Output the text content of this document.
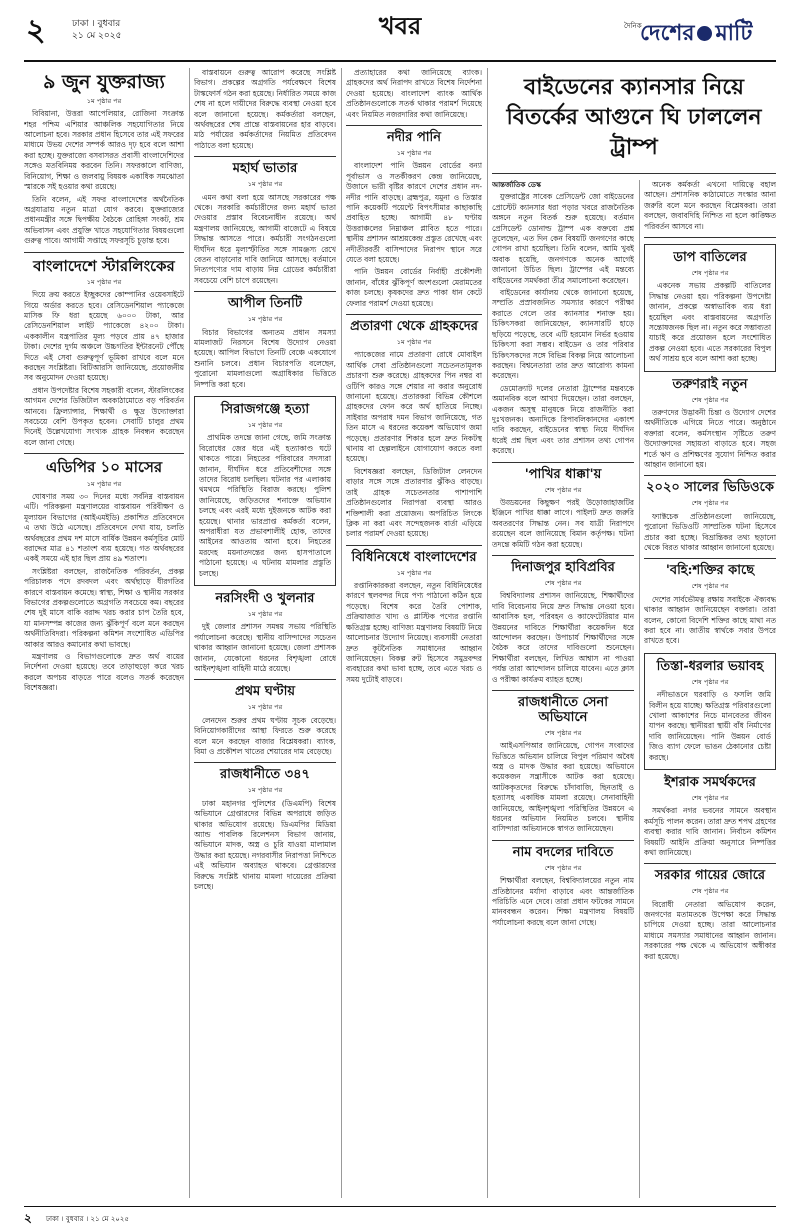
২	ঢাকা । বুধবার
২১ মে ২০২৫	খবর	দৈনিক
দেশের মাটি
৯ জুন যুক্তরাজ্য
১ম পৃষ্ঠার পর

বিবিয়ানা, উত্তরা আপেলিয়ার, রোজিনা সংক্রান্ত শহর পশ্চিম এশিয়ার আঞ্চলিক সহযোগিতার নিয়ে আলোচনা হবে। সরকার প্রধান হিসেবে তার এই সফরের মাধ্যমে উভয় দেশের সম্পর্ক আরও দৃঢ় হবে বলে আশা করা হচ্ছে। যুক্তরাজ্যে বসবাসরত প্রবাসী বাংলাদেশিদের সঙ্গেও মতবিনিময় করবেন তিনি। সফরকালে বাণিজ্য, বিনিয়োগ, শিক্ষা ও জলবায়ু বিষয়ক একাধিক সমঝোতা স্মারকে সই হওয়ার কথা রয়েছে।

তিনি বলেন, এই সফর বাংলাদেশের অর্থনৈতিক অগ্রযাত্রায় নতুন মাত্রা যোগ করবে। যুক্তরাজ্যের প্রধানমন্ত্রীর সঙ্গে দ্বিপক্ষীয় বৈঠকে রোহিঙ্গা সংকট, শ্রম অভিবাসন এবং প্রযুক্তি খাতে সহযোগিতার বিষয়গুলো গুরুত্ব পাবে। আগামী সপ্তাহে সফরসূচি চূড়ান্ত হবে।

বাংলাদেশে স্টারলিংকের
১ম পৃষ্ঠার পর

দিয়ে ক্রয় করতে ইচ্ছুকদের কোম্পানির ওয়েবসাইটে গিয়ে অর্ডার করতে হবে। রেসিডেনশিয়াল প্যাকেজে মাসিক ফি ধরা হয়েছে ৬০০০ টাকা, আর রেসিডেনশিয়াল লাইট প্যাকেজে ৪২০০ টাকা। এককালীন যন্ত্রপাতির মূল্য পড়বে প্রায় ৪৭ হাজার টাকা। দেশের দুর্গম অঞ্চলে উচ্চগতির ইন্টারনেট পৌঁছে দিতে এই সেবা গুরুত্বপূর্ণ ভূমিকা রাখবে বলে মনে করছেন সংশ্লিষ্টরা। বিটিআরসি জানিয়েছে, প্রয়োজনীয় সব অনুমোদন দেওয়া হয়েছে।

প্রধান উপদেষ্টার বিশেষ সহকারী বলেন, স্টারলিংকের আগমন দেশের ডিজিটাল অবকাঠামোতে বড় পরিবর্তন আনবে। ফ্রিল্যান্সার, শিক্ষার্থী ও ক্ষুদ্র উদ্যোক্তারা সবচেয়ে বেশি উপকৃত হবেন। সেবাটি চালুর প্রথম দিনেই উল্লেখযোগ্য সংখ্যক গ্রাহক নিবন্ধন করেছেন বলে জানা গেছে।

এডিপির ১০ মাসের
১ম পৃষ্ঠার পর

ঘোষণার সময় ৩০ দিনের মধ্যে সর্বনিম্ন বাস্তবায়ন এটি। পরিকল্পনা মন্ত্রণালয়ের বাস্তবায়ন পরিবীক্ষণ ও মূল্যায়ন বিভাগের (আইএমইডি) প্রকাশিত প্রতিবেদনে এ তথ্য উঠে এসেছে। প্রতিবেদনে দেখা যায়, চলতি অর্থবছরের প্রথম দশ মাসে বার্ষিক উন্নয়ন কর্মসূচির মোট বরাদ্দের মাত্র ৪১ শতাংশ ব্যয় হয়েছে। গত অর্থবছরের একই সময়ে এই হার ছিল প্রায় ৪৯ শতাংশ।

সংশ্লিষ্টরা বলছেন, রাজনৈতিক পরিবর্তন, প্রকল্প পরিচালক পদে রদবদল এবং অর্থছাড়ে ধীরগতির কারণে বাস্তবায়ন কমেছে। স্বাস্থ্য, শিক্ষা ও স্থানীয় সরকার বিভাগের প্রকল্পগুলোতে অগ্রগতি সবচেয়ে কম। বছরের শেষ দুই মাসে বাকি বরাদ্দ খরচ করার চাপ তৈরি হবে, যা মানসম্পন্ন কাজের জন্য ঝুঁকিপূর্ণ বলে মনে করছেন অর্থনীতিবিদরা। পরিকল্পনা কমিশন সংশোধিত এডিপির আকার আরও কমানোর কথা ভাবছে।

মন্ত্রণালয় ও বিভাগগুলোকে দ্রুত অর্থ ব্যয়ের নির্দেশনা দেওয়া হয়েছে। তবে তাড়াহুড়ো করে খরচ করলে অপচয় বাড়তে পারে বলেও সতর্ক করেছেন বিশেষজ্ঞরা।

বাস্তবায়নে গুরুত্ব আরোপ করেছে সংশ্লিষ্ট বিভাগ। প্রকল্পের অগ্রগতি পর্যবেক্ষণে বিশেষ টাস্কফোর্স গঠন করা হয়েছে। নির্ধারিত সময়ে কাজ শেষ না হলে দায়ীদের বিরুদ্ধে ব্যবস্থা নেওয়া হবে বলে জানানো হয়েছে। কর্মকর্তারা বলছেন, অর্থবছরের শেষ প্রান্তে বাস্তবায়নের হার বাড়বে। মাঠ পর্যায়ের কর্মকর্তাদের নিয়মিত প্রতিবেদন পাঠাতে বলা হয়েছে।

মহার্ঘ ভাতার
১ম পৃষ্ঠার পর

এমন কথা বলা হয়ে আসছে সরকারের পক্ষ থেকে। সরকারি কর্মচারীদের জন্য মহার্ঘ ভাতা দেওয়ার প্রস্তাব বিবেচনাধীন রয়েছে। অর্থ মন্ত্রণালয় জানিয়েছে, আগামী বাজেটে এ বিষয়ে সিদ্ধান্ত আসতে পারে। কর্মচারী সংগঠনগুলো দীর্ঘদিন ধরে মূল্যস্ফীতির সঙ্গে সামঞ্জস্য রেখে বেতন বাড়ানোর দাবি জানিয়ে আসছে। বর্তমানে নিত্যপণ্যের দাম বাড়ায় নিম্ন গ্রেডের কর্মচারীরা সবচেয়ে বেশি চাপে রয়েছেন।

আপীল তিনটি
১ম পৃষ্ঠার পর

বিচার বিভাগের অন্যতম প্রধান সমস্যা মামলাজট নিরসনে বিশেষ উদ্যোগ নেওয়া হয়েছে। আপিল বিভাগে তিনটি বেঞ্চে একযোগে শুনানি চলবে। প্রধান বিচারপতি বলেছেন, পুরোনো মামলাগুলো অগ্রাধিকার ভিত্তিতে নিষ্পত্তি করা হবে।

সিরাজগঞ্জে হত্যা
১ম পৃষ্ঠার পর

প্রাথমিক তদন্তে জানা গেছে, জমি সংক্রান্ত বিরোধের জের ধরে এই হত্যাকাণ্ড ঘটে থাকতে পারে। নিহতের পরিবারের সদস্যরা জানান, দীর্ঘদিন ধরে প্রতিবেশীদের সঙ্গে তাদের বিরোধ চলছিল। ঘটনার পর এলাকায় থমথমে পরিস্থিতি বিরাজ করছে। পুলিশ জানিয়েছে, জড়িতদের শনাক্তে অভিযান চলছে এবং এরই মধ্যে দুইজনকে আটক করা হয়েছে। থানার ভারপ্রাপ্ত কর্মকর্তা বলেন, অপরাধীরা যত প্রভাবশালীই হোক, তাদের আইনের আওতায় আনা হবে। নিহতের মরদেহ ময়নাতদন্তের জন্য হাসপাতালে পাঠানো হয়েছে। এ ঘটনায় মামলার প্রস্তুতি চলছে।

নরসিংদী ও খুলনার
১ম পৃষ্ঠার পর

দুই জেলার প্রশাসন সমন্বয় সভায় পরিস্থিতি পর্যালোচনা করেছে। স্থানীয় বাসিন্দাদের সচেতন থাকার আহ্বান জানানো হয়েছে। জেলা প্রশাসক জানান, যেকোনো ধরনের বিশৃঙ্খলা রোধে আইনশৃঙ্খলা বাহিনী মাঠে রয়েছে।

প্রথম ঘণ্টায়
১ম পৃষ্ঠার পর

লেনদেন শুরুর প্রথম ঘণ্টায় সূচক বেড়েছে। বিনিয়োগকারীদের আস্থা ফিরতে শুরু করেছে বলে মনে করছেন বাজার বিশ্লেষকরা। ব্যাংক, বিমা ও প্রকৌশল খাতের শেয়ারের দাম বেড়েছে।

রাজধানীতে ৩৪৭
১ম পৃষ্ঠার পর

ঢাকা মহানগর পুলিশের (ডিএমপি) বিশেষ অভিযানে গ্রেপ্তারদের বিভিন্ন অপরাধে জড়িত থাকার অভিযোগ রয়েছে। ডিএমপির মিডিয়া অ্যান্ড পাবলিক রিলেশনস বিভাগ জানায়, অভিযানে মাদক, অস্ত্র ও চুরি যাওয়া মালামাল উদ্ধার করা হয়েছে। নগরবাসীর নিরাপত্তা নিশ্চিতে এই অভিযান অব্যাহত থাকবে। গ্রেপ্তারদের বিরুদ্ধে সংশ্লিষ্ট থানায় মামলা দায়েরের প্রক্রিয়া চলছে।

প্রত্যাহারের কথা জানিয়েছে ব্যাংক। গ্রাহকদের অর্থ নিরাপদ রাখতে বিশেষ নির্দেশনা দেওয়া হয়েছে। বাংলাদেশ ব্যাংক আর্থিক প্রতিষ্ঠানগুলোকে সতর্ক থাকার পরামর্শ দিয়েছে এবং নিয়মিত নজরদারির কথা জানিয়েছে।

নদীর পানি
১ম পৃষ্ঠার পর

বাংলাদেশ পানি উন্নয়ন বোর্ডের বন্যা পূর্বাভাস ও সতর্কীকরণ কেন্দ্র জানিয়েছে, উজানে ভারী বৃষ্টির কারণে দেশের প্রধান নদ-নদীর পানি বাড়ছে। ব্রহ্মপুত্র, যমুনা ও তিস্তার পানি কয়েকটি পয়েন্টে বিপৎসীমার কাছাকাছি প্রবাহিত হচ্ছে। আগামী ৪৮ ঘণ্টায় উত্তরাঞ্চলের নিম্নাঞ্চল প্লাবিত হতে পারে। স্থানীয় প্রশাসন আশ্রয়কেন্দ্র প্রস্তুত রেখেছে এবং নদীতীরবর্তী বাসিন্দাদের নিরাপদ স্থানে সরে যেতে বলা হয়েছে।

পানি উন্নয়ন বোর্ডের নির্বাহী প্রকৌশলী জানান, বাঁধের ঝুঁকিপূর্ণ অংশগুলো মেরামতের কাজ চলছে। কৃষকদের দ্রুত পাকা ধান কেটে ফেলার পরামর্শ দেওয়া হয়েছে।

প্রতারণা থেকে গ্রাহকদের
১ম পৃষ্ঠার পর

প্যাকেজের নামে প্রতারণা রোধে মোবাইল আর্থিক সেবা প্রতিষ্ঠানগুলো সচেতনতামূলক প্রচারণা শুরু করেছে। গ্রাহকদের পিন নম্বর বা ওটিপি কারও সঙ্গে শেয়ার না করার অনুরোধ জানানো হয়েছে। প্রতারকরা বিভিন্ন কৌশলে গ্রাহকদের ফোন করে অর্থ হাতিয়ে নিচ্ছে। সাইবার অপরাধ দমন বিভাগ জানিয়েছে, গত তিন মাসে এ ধরনের কয়েকশ অভিযোগ জমা পড়েছে। প্রতারণার শিকার হলে দ্রুত নিকটস্থ থানায় বা হেল্পলাইনে যোগাযোগ করতে বলা হয়েছে।

বিশেষজ্ঞরা বলছেন, ডিজিটাল লেনদেন বাড়ার সঙ্গে সঙ্গে প্রতারণার ঝুঁকিও বাড়ছে। তাই গ্রাহক সচেতনতার পাশাপাশি প্রতিষ্ঠানগুলোর নিরাপত্তা ব্যবস্থা আরও শক্তিশালী করা প্রয়োজন। অপরিচিত লিংকে ক্লিক না করা এবং সন্দেহজনক বার্তা এড়িয়ে চলার পরামর্শ দেওয়া হয়েছে।

বিধিনিষেধে বাংলাদেশের
১ম পৃষ্ঠার পর

রপ্তানিকারকরা বলছেন, নতুন বিধিনিষেধের কারণে স্থলবন্দর দিয়ে পণ্য পাঠানো কঠিন হয়ে পড়েছে। বিশেষ করে তৈরি পোশাক, প্রক্রিয়াজাত খাদ্য ও প্লাস্টিক পণ্যের রপ্তানি ক্ষতিগ্রস্ত হচ্ছে। বাণিজ্য মন্ত্রণালয় বিষয়টি নিয়ে আলোচনার উদ্যোগ নিয়েছে। ব্যবসায়ী নেতারা দ্রুত কূটনৈতিক সমাধানের আহ্বান জানিয়েছেন। বিকল্প রুট হিসেবে সমুদ্রবন্দর ব্যবহারের কথা ভাবা হচ্ছে, তবে এতে খরচ ও সময় দুটোই বাড়বে।

বাইডেনের ক্যানসার নিয়ে বিতর্কের আগুনে ঘি ঢাললেন ট্রাম্প
আন্তর্জাতিক ডেস্ক

যুক্তরাষ্ট্রের সাবেক প্রেসিডেন্ট জো বাইডেনের প্রোস্টেট ক্যানসার ধরা পড়ার খবরে রাজনৈতিক অঙ্গনে নতুন বিতর্ক শুরু হয়েছে। বর্তমান প্রেসিডেন্ট ডোনাল্ড ট্রাম্প এক বক্তব্যে প্রশ্ন তুলেছেন, এত দিন কেন বিষয়টি জনগণের কাছে গোপন রাখা হয়েছিল। তিনি বলেন, আমি খুবই অবাক হয়েছি, জনগণকে অনেক আগেই জানানো উচিত ছিল। ট্রাম্পের এই মন্তব্যে বাইডেনের সমর্থকরা তীব্র সমালোচনা করেছেন।

বাইডেনের কার্যালয় থেকে জানানো হয়েছে, সম্প্রতি প্রস্রাবজনিত সমস্যার কারণে পরীক্ষা করাতে গেলে তার ক্যানসার শনাক্ত হয়। চিকিৎসকরা জানিয়েছেন, ক্যানসারটি হাড়ে ছড়িয়ে পড়েছে, তবে এটি হরমোন নির্ভর হওয়ায় চিকিৎসা করা সম্ভব। বাইডেন ও তার পরিবার চিকিৎসকদের সঙ্গে বিভিন্ন বিকল্প নিয়ে আলোচনা করছেন। বিশ্বনেতারা তার দ্রুত আরোগ্য কামনা করেছেন।

ডেমোক্র্যাট দলের নেতারা ট্রাম্পের মন্তব্যকে অমানবিক বলে আখ্যা দিয়েছেন। তারা বলছেন, একজন অসুস্থ মানুষকে নিয়ে রাজনীতি করা দুঃখজনক। অন্যদিকে রিপাবলিকানদের একাংশ দাবি করছেন, বাইডেনের স্বাস্থ্য নিয়ে দীর্ঘদিন ধরেই প্রশ্ন ছিল এবং তার প্রশাসন তথ্য গোপন করেছে।

'পাখির ধাক্কা'য়
শেষ পৃষ্ঠার পর

উড্ডয়নের কিছুক্ষণ পরই উড়োজাহাজটির ইঞ্জিনে পাখির ধাক্কা লাগে। পাইলট দ্রুত জরুরি অবতরণের সিদ্ধান্ত নেন। সব যাত্রী নিরাপদে রয়েছেন বলে জানিয়েছে বিমান কর্তৃপক্ষ। ঘটনা তদন্তে কমিটি গঠন করা হয়েছে।

দিনাজপুর হাবিপ্রবির
শেষ পৃষ্ঠার পর

বিশ্ববিদ্যালয় প্রশাসন জানিয়েছে, শিক্ষার্থীদের দাবি বিবেচনায় নিয়ে দ্রুত সিদ্ধান্ত নেওয়া হবে। আবাসিক হল, পরিবহন ও ক্যাফেটেরিয়ার মান উন্নয়নের দাবিতে শিক্ষার্থীরা কয়েকদিন ধরে আন্দোলন করছেন। উপাচার্য শিক্ষার্থীদের সঙ্গে বৈঠক করে তাদের দাবিগুলো শুনেছেন। শিক্ষার্থীরা বলছেন, লিখিত আশ্বাস না পাওয়া পর্যন্ত তারা আন্দোলন চালিয়ে যাবেন। এতে ক্লাস ও পরীক্ষা কার্যক্রম ব্যাহত হচ্ছে।

রাজধানীতে সেনা অভিযানে
শেষ পৃষ্ঠার পর

আইএসপিআর জানিয়েছে, গোপন সংবাদের ভিত্তিতে অভিযান চালিয়ে বিপুল পরিমাণ অবৈধ অস্ত্র ও মাদক উদ্ধার করা হয়েছে। অভিযানে কয়েকজন সন্ত্রাসীকে আটক করা হয়েছে। আটককৃতদের বিরুদ্ধে চাঁদাবাজি, ছিনতাই ও হত্যাসহ একাধিক মামলা রয়েছে। সেনাবাহিনী জানিয়েছে, আইনশৃঙ্খলা পরিস্থিতির উন্নয়নে এ ধরনের অভিযান নিয়মিত চলবে। স্থানীয় বাসিন্দারা অভিযানকে স্বাগত জানিয়েছেন।

নাম বদলের দাবিতে
শেষ পৃষ্ঠার পর

শিক্ষার্থীরা বলছেন, বিশ্ববিদ্যালয়ের নতুন নাম প্রতিষ্ঠানের মর্যাদা বাড়াবে এবং আন্তর্জাতিক পরিচিতি এনে দেবে। তারা প্রধান ফটকের সামনে মানববন্ধন করেন। শিক্ষা মন্ত্রণালয় বিষয়টি পর্যালোচনা করছে বলে জানা গেছে।

অনেক কর্মকর্তা এখনো দায়িত্বে বহাল আছেন। প্রশাসনিক কাঠামোতে সংস্কার আনা জরুরি বলে মনে করছেন বিশ্লেষকরা। তারা বলছেন, জবাবদিহি নিশ্চিত না হলে কাঙ্ক্ষিত পরিবর্তন আসবে না।

ডাপ বাতিলের
শেষ পৃষ্ঠার পর

একনেক সভায় প্রকল্পটি বাতিলের সিদ্ধান্ত নেওয়া হয়। পরিকল্পনা উপদেষ্টা জানান, প্রকল্পে অস্বাভাবিক ব্যয় ধরা হয়েছিল এবং বাস্তবায়নের অগ্রগতি সন্তোষজনক ছিল না। নতুন করে সম্ভাব্যতা যাচাই করে প্রয়োজন হলে সংশোধিত প্রকল্প নেওয়া হবে। এতে সরকারের বিপুল অর্থ সাশ্রয় হবে বলে আশা করা হচ্ছে।

তরুণরাই নতুন
শেষ পৃষ্ঠার পর

তরুণদের উদ্ভাবনী চিন্তা ও উদ্যোগ দেশের অর্থনীতিকে এগিয়ে নিতে পারে। অনুষ্ঠানে বক্তারা বলেন, কর্মসংস্থান সৃষ্টিতে তরুণ উদ্যোক্তাদের সহায়তা বাড়াতে হবে। সহজ শর্তে ঋণ ও প্রশিক্ষণের সুযোগ নিশ্চিত করার আহ্বান জানানো হয়।

২০২০ সালের ভিডিওকে
শেষ পৃষ্ঠার পর

ফ্যাক্টচেক প্রতিষ্ঠানগুলো জানিয়েছে, পুরোনো ভিডিওটি সাম্প্রতিক ঘটনা হিসেবে প্রচার করা হচ্ছে। বিভ্রান্তিকর তথ্য ছড়ানো থেকে বিরত থাকার আহ্বান জানানো হয়েছে।

'বহি:শক্তির কাছে
শেষ পৃষ্ঠার পর

দেশের সার্বভৌমত্ব রক্ষায় সবাইকে ঐক্যবদ্ধ থাকার আহ্বান জানিয়েছেন বক্তারা। তারা বলেন, কোনো বিদেশি শক্তির কাছে মাথা নত করা হবে না। জাতীয় স্বার্থকে সবার উপরে রাখতে হবে।

তিস্তা-ধরলার ভয়াবহ
শেষ পৃষ্ঠার পর

নদীভাঙনে ঘরবাড়ি ও ফসলি জমি বিলীন হয়ে যাচ্ছে। ক্ষতিগ্রস্ত পরিবারগুলো খোলা আকাশের নিচে মানবেতর জীবন যাপন করছে। স্থানীয়রা স্থায়ী বাঁধ নির্মাণের দাবি জানিয়েছেন। পানি উন্নয়ন বোর্ড জিও ব্যাগ ফেলে ভাঙন ঠেকানোর চেষ্টা করছে।

ইশরাক সমর্থকদের
শেষ পৃষ্ঠার পর

সমর্থকরা নগর ভবনের সামনে অবস্থান কর্মসূচি পালন করেন। তারা দ্রুত শপথ গ্রহণের ব্যবস্থা করার দাবি জানান। নির্বাচন কমিশন বিষয়টি আইনি প্রক্রিয়া অনুসারে নিষ্পত্তির কথা জানিয়েছে।

সরকার গায়ের জোরে
শেষ পৃষ্ঠার পর

বিরোধী নেতারা অভিযোগ করেন, জনগণের মতামতকে উপেক্ষা করে সিদ্ধান্ত চাপিয়ে দেওয়া হচ্ছে। তারা আলোচনার মাধ্যমে সমস্যার সমাধানের আহ্বান জানান। সরকারের পক্ষ থেকে এ অভিযোগ অস্বীকার করা হয়েছে।

২ ঢাকা । বুধবার । ২১ মে ২০২৫
